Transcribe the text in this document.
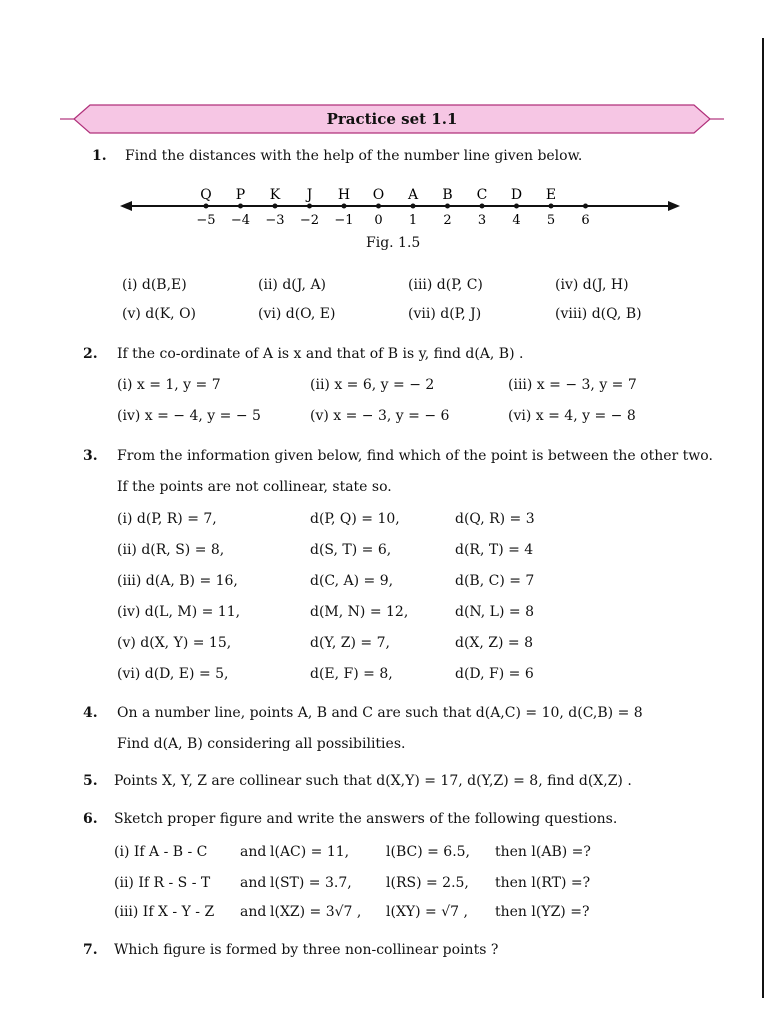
Practice set 1.1
1. Find the distances with the help of the number line given below.
−5 −4 −3 −2 −1 0 1 2 3 4 5 6
Q P K J H O A B C D E
Fig. 1.5
(i) d(B,E)	(ii) d(J, A)	(iii) d(P, C)	(iv) d(J, H)
(v) d(K, O)	(vi) d(O, E)	(vii) d(P, J)	(viii) d(Q, B)
2. If the co-ordinate of A is x and that of B is y, find d(A, B) .
(i) x = 1, y = 7	(ii) x = 6, y = − 2	(iii) x = − 3, y = 7
(iv) x = − 4, y = − 5	(v) x = − 3, y = − 6	(vi) x = 4, y = − 8
3. From the information given below, find which of the point is between the other two.
If the points are not collinear, state so.
(i) d(P, R) = 7,	d(P, Q) = 10,	d(Q, R) = 3
(ii) d(R, S) = 8,	d(S, T) = 6,	d(R, T) = 4
(iii) d(A, B) = 16,	d(C, A) = 9,	d(B, C) = 7
(iv) d(L, M) = 11,	d(M, N) = 12,	d(N, L) = 8
(v) d(X, Y) = 15,	d(Y, Z) = 7,	d(X, Z) = 8
(vi) d(D, E) = 5,	d(E, F) = 8,	d(D, F) = 6
4. On a number line, points A, B and C are such that d(A,C) = 10, d(C,B) = 8
Find d(A, B) considering all possibilities.
5. Points X, Y, Z are collinear such that d(X,Y) = 17, d(Y,Z) = 8, find d(X,Z) .
6. Sketch proper figure and write the answers of the following questions.
(i) If A - B - C and l(AC) = 11,	l(BC) = 6.5, then l(AB) =?
(ii) If R - S - T and l(ST) = 3.7, l(RS) = 2.5, then l(RT) =?
(iii) If X - Y - Z and l(XZ) = 3√7 , l(XY) = √7 , then l(YZ) =?
7. Which figure is formed by three non-collinear points ?
